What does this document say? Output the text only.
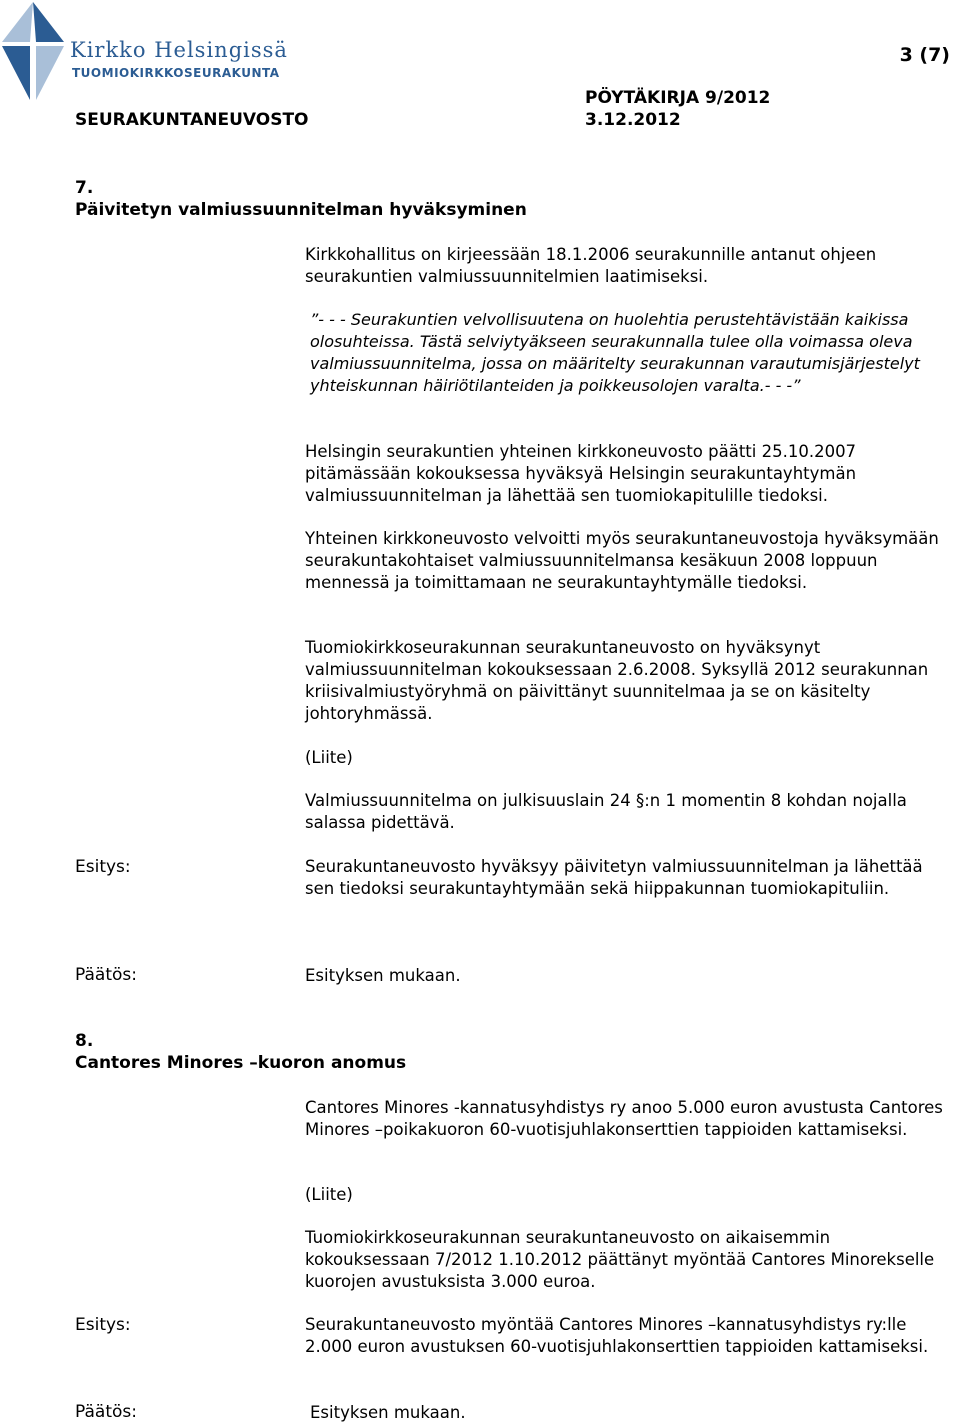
Kirkko Helsingissä
TUOMIOKIRKKOSEURAKUNTA
3 (7)
PÖYTÄKIRJA 9/2012
SEURAKUNTANEUVOSTO	3.12.2012
7.
Päivitetyn valmiussuunnitelman hyväksyminen
Kirkkohallitus on kirjeessään 18.1.2006 seurakunnille antanut ohjeen seurakuntien valmiussuunnitelmien laatimiseksi.
”- - - Seurakuntien velvollisuutena on huolehtia perustehtävistään kaikissa olosuhteissa. Tästä selviytyäkseen seurakunnalla tulee olla voimassa oleva valmiussuunnitelma, jossa on määritelty seurakunnan varautumisjärjestelyt yhteiskunnan häiriötilanteiden ja poikkeusolojen varalta.- - -”
Helsingin seurakuntien yhteinen kirkkoneuvosto päätti 25.10.2007 pitämässään kokouksessa hyväksyä Helsingin seurakuntayhtymän valmiussuunnitelman ja lähettää sen tuomiokapitulille tiedoksi.
Yhteinen kirkkoneuvosto velvoitti myös seurakuntaneuvostoja hyväksymään seurakuntakohtaiset valmiussuunnitelmansa kesäkuun 2008 loppuun mennessä ja toimittamaan ne seurakuntayhtymälle tiedoksi.
Tuomiokirkkoseurakunnan seurakuntaneuvosto on hyväksynyt valmiussuunnitelman kokouksessaan 2.6.2008. Syksyllä 2012 seurakunnan kriisivalmiustyöryhmä on päivittänyt suunnitelmaa ja se on käsitelty johtoryhmässä.
(Liite)
Valmiussuunnitelma on julkisuuslain 24 §:n 1 momentin 8 kohdan nojalla salassa pidettävä.
Esitys:	Seurakuntaneuvosto hyväksyy päivitetyn valmiussuunnitelman ja lähettää sen tiedoksi seurakuntayhtymään sekä hiippakunnan tuomiokapituliin.
Päätös:	Esityksen mukaan.
8.
Cantores Minores –kuoron anomus
Cantores Minores -kannatusyhdistys ry anoo 5.000 euron avustusta Cantores Minores –poikakuoron 60-vuotisjuhlakonserttien tappioiden kattamiseksi.
(Liite)
Tuomiokirkkoseurakunnan seurakuntaneuvosto on aikaisemmin kokouksessaan 7/2012 1.10.2012 päättänyt myöntää Cantores Minorekselle kuorojen avustuksista 3.000 euroa.
Esitys:	Seurakuntaneuvosto myöntää Cantores Minores –kannatusyhdistys ry:lle 2.000 euron avustuksen 60-vuotisjuhlakonserttien tappioiden kattamiseksi.
Päätös:	Esityksen mukaan.
